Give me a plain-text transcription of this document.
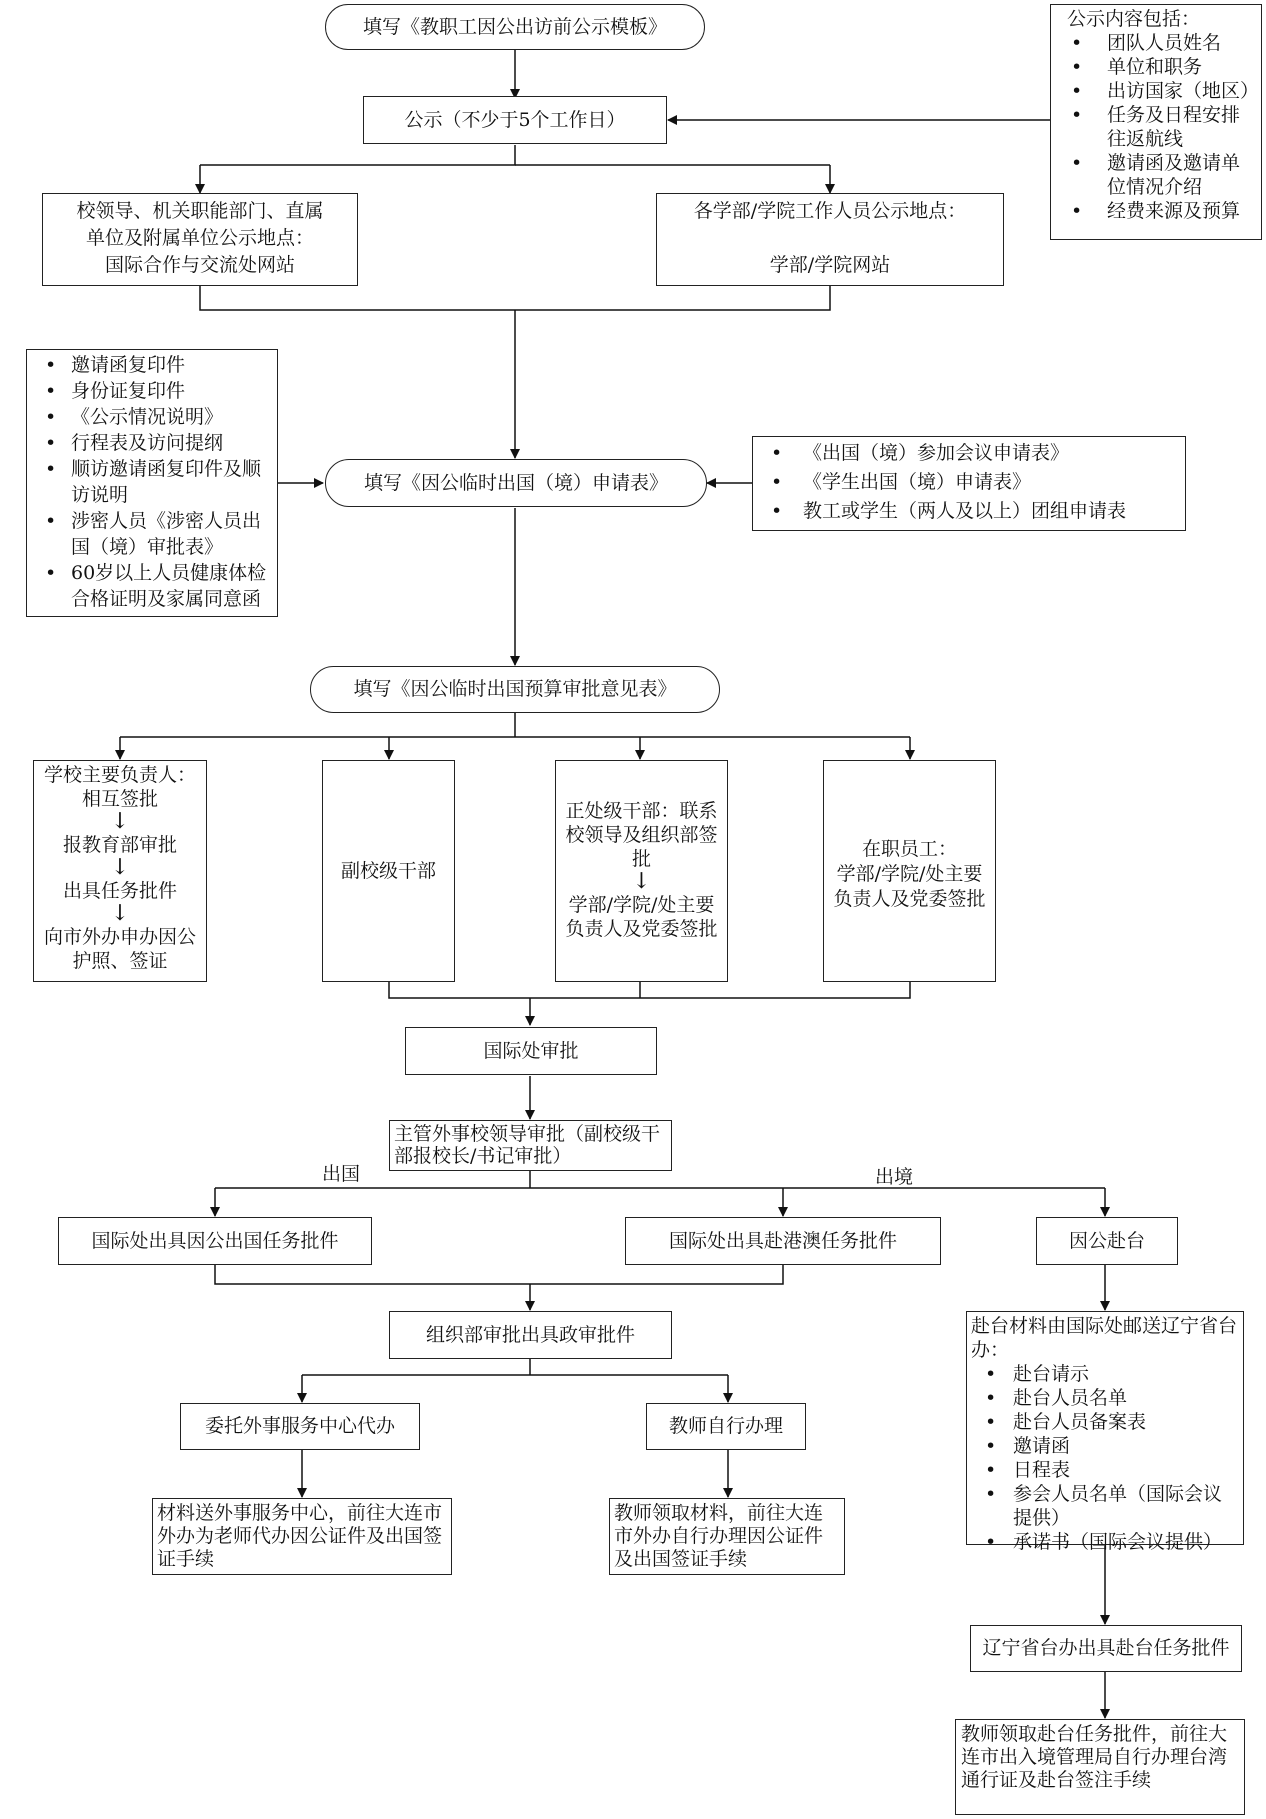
填写《教职工因公出访前公示模板》
公示（不少于5个工作日）
公示内容包括：
• 团队人员姓名
• 单位和职务
• 出访国家（地区）
• 任务及日程安排往返航线
• 邀请函及邀请单位情况介绍
• 经费来源及预算
校领导、机关职能部门、直属
单位及附属单位公示地点：
国际合作与交流处网站
各学部/学院工作人员公示地点：
学部/学院网站
• 邀请函复印件
• 身份证复印件
• 《公示情况说明》
• 行程表及访问提纲
• 顺访邀请函复印件及顺访说明
• 涉密人员《涉密人员出国（境）审批表》
• 60岁以上人员健康体检合格证明及家属同意函
填写《因公临时出国（境）申请表》
• 《出国（境）参加会议申请表》
• 《学生出国（境）申请表》
• 教工或学生（两人及以上）团组申请表
填写《因公临时出国预算审批意见表》
学校主要负责人：
相互签批
↓
报教育部审批
↓
出具任务批件
↓
向市外办申办因公护照、签证
副校级干部
正处级干部：联系校领导及组织部签批
↓
学部/学院/处主要负责人及党委签批
在职员工：
学部/学院/处主要负责人及党委签批
国际处审批
主管外事校领导审批（副校级干部报校长/书记审批）
出国	出境
国际处出具因公出国任务批件	国际处出具赴港澳任务批件	因公赴台
组织部审批出具政审批件
委托外事服务中心代办	教师自行办理
材料送外事服务中心，前往大连市外办为老师代办因公证件及出国签证手续
教师领取材料，前往大连市外办自行办理因公证件及出国签证手续
赴台材料由国际处邮送辽宁省台办：
• 赴台请示
• 赴台人员名单
• 赴台人员备案表
• 邀请函
• 日程表
• 参会人员名单（国际会议提供）
• 承诺书（国际会议提供）
辽宁省台办出具赴台任务批件
教师领取赴台任务批件，前往大连市出入境管理局自行办理台湾通行证及赴台签注手续
